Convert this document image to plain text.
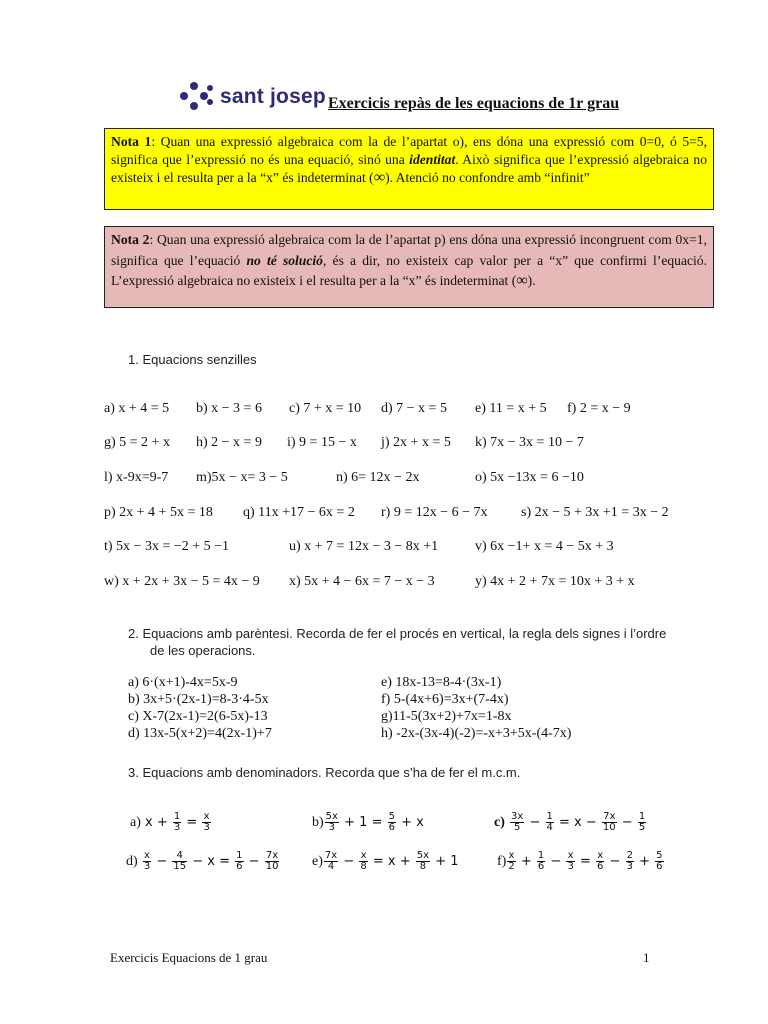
sant josep Exercicis repàs de les equacions de 1r grau
Nota 1: Quan una expressió algebraica com la de l’apartat o), ens dóna una expressió com 0=0, ó 5=5, significa que l’expressió no és una equació, sinó una identitat. Això significa que l’expressió algebraica no existeix i el resulta per a la “x” és indeterminat (∞). Atenció no confondre amb “infinit”
Nota 2: Quan una expressió algebraica com la de l’apartat p) ens dóna una expressió incongruent com 0x=1, significa que l’equació no té solució, és a dir, no existeix cap valor per a “x” que confirmi l’equació. L’expressió algebraica no existeix i el resulta per a la “x” és indeterminat (∞).
1. Equacions senzilles
a) x + 4 = 5 b) x − 3 = 6 c) 7 + x = 10 d) 7 − x = 5 e) 11 = x + 5 f) 2 = x − 9
g) 5 = 2 + x h) 2 − x = 9 i) 9 = 15 − x j) 2x + x = 5 k) 7x − 3x = 10 − 7
l) x-9x=9-7 m)5x − x= 3 − 5	n) 6= 12x − 2x	o) 5x −13x = 6 −10
p) 2x + 4 + 5x = 18 q) 11x +17 − 6x = 2 r) 9 = 12x − 6 − 7x s) 2x − 5 + 3x +1 = 3x − 2
t) 5x − 3x = −2 + 5 −1	u) x + 7 = 12x − 3 − 8x +1	v) 6x −1+ x = 4 − 5x + 3
w) x + 2x + 3x − 5 = 4x − 9 x) 5x + 4 − 6x = 7 − x − 3	y) 4x + 2 + 7x = 10x + 3 + x
2. Equacions amb parèntesi. Recorda de fer el procés en vertical, la regla dels signes i l’ordre
de les operacions.
a) 6·(x+1)-4x=5x-9
b) 3x+5·(2x-1)=8-3·4-5x
c) X-7(2x-1)=2(6-5x)-13
d) 13x-5(x+2)=4(2x-1)+7
e) 18x-13=8-4·(3x-1)
f) 5-(4x+6)=3x+(7-4x)
g)11-5(3x+2)+7x=1-8x
h) -2x-(3x-4)(-2)=-x+3+5x-(4-7x)
3. Equacions amb denominadors. Recorda que s’ha de fer el m.c.m.
a) $x + \frac{1}{3} = \frac{x}{3}$	$b) \frac{5x}{3} + 1 = \frac{5}{6} + x$	$c) \frac{3x}{5} - \frac{1}{4} = x - \frac{7x}{10} - \frac{1}{5}$
$d) \frac{x}{3} - \frac{4}{15} - x = \frac{1}{6} - \frac{7x}{10} e) \frac{7x}{4} - \frac{x}{8} = x + \frac{5x}{8} + 1$	$f) \frac{x}{2} + \frac{1}{6} - \frac{x}{3} = \frac{x}{6} - \frac{2}{3} + \frac{5}{6}$
Exercicis Equacions de 1 grau	1
